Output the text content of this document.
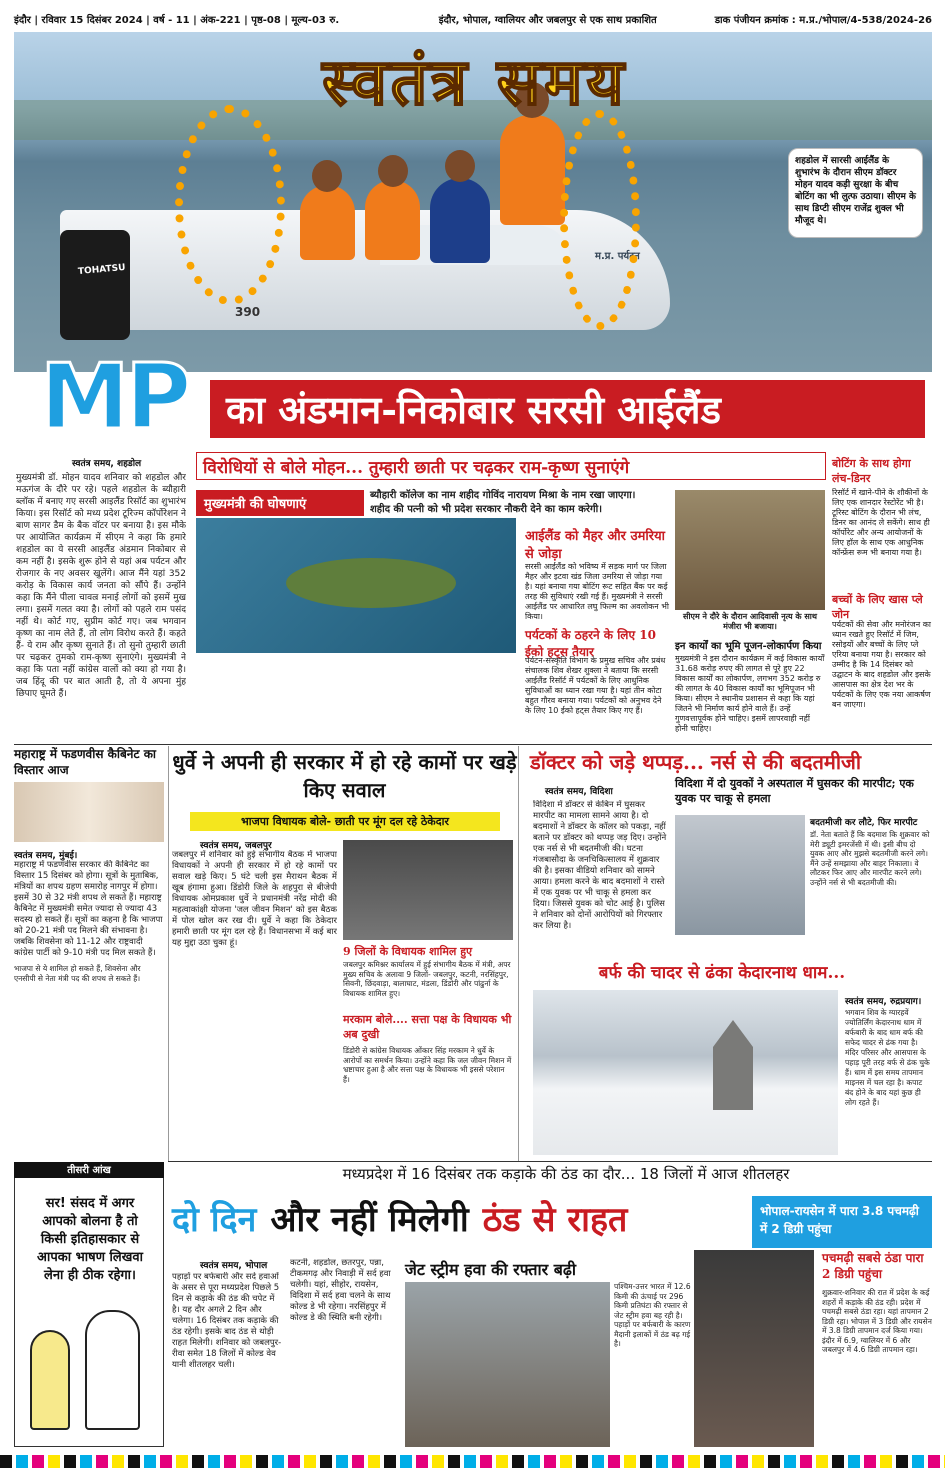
इंदौर | रविवार 15 दिसंबर 2024 | वर्ष - 11 | अंक-221 | पृष्ठ-08 | मूल्य-03 रु.	इंदौर, भोपाल, ग्वालियर और जबलपुर से एक साथ प्रकाशित	डाक पंजीयन क्रमांक : म.प्र./भोपाल/4-538/2024-26
म.प्र. पर्यटन
TOHATSU
390
स्वतंत्र समय
शहडोल में सारसी आईलैंड के शुभारंभ के दौरान सीएम डॉक्टर मोहन यादव कड़ी सुरक्षा के बीच बोटिंग का भी लुत्फ उठाया। सीएम के साथ डिप्टी सीएम राजेंद्र शुक्ल भी मौजूद थे।
MP	का अंडमान-निकोबार सरसी आईलैंड
स्वतंत्र समय, शहडोल
मुख्यमंत्री डॉ. मोहन यादव शनिवार को शहडोल और मऊगंज के दौरे पर रहे। पहले शहडोल के ब्यौहारी ब्लॉक में बनाए गए सरसी आइलैंड रिसॉर्ट का शुभारंभ किया। इस रिसॉर्ट को मध्य प्रदेश टूरिज्म कॉर्पोरेशन ने बाण सागर डैम के बैक वॉटर पर बनाया है। इस मौके पर आयोजित कार्यक्रम में सीएम ने कहा कि हमारे शहडोल का ये सरसी आइलैंड अंडमान निकोबार से कम नहीं है। इसके शुरू होने से यहां अब पर्यटन और रोजगार के नए अवसर खुलेंगे। आज मैंने यहां 352 करोड़ के विकास कार्य जनता को सौंपे हैं। उन्होंने कहा कि मैंने पीला चावल्र मनाई लोगों को इसमें मुख लगा। इसमें गलत क्या है। लोगों को पहले राम पसंद नहीं थे। कोर्ट गए, सुप्रीम कोर्ट गए। जब भगवान कृष्ण का नाम लेते हैं, तो लोग विरोध करते हैं। कहते हैं- ये राम और कृष्ण सुनाते हैं। तो सुनो तुम्हारी छाती पर चढ़कर तुमको राम-कृष्ण सुनाएंगे। मुख्यमंत्री ने कहा कि पता नहीं कांग्रेस वालों को क्या हो गया है। जब हिंदू की पर बात आती है, तो ये अपना मुंह छिपाए घूमते हैं।
विरोधियों से बोले मोहन... तुम्हारी छाती पर चढ़कर राम-कृष्ण सुनाएंगे
मुख्यमंत्री की घोषणाएं
ब्यौहारी कॉलेज का नाम शहीद गोविंद नारायण मिश्रा के नाम रखा जाएगा।
शहीद की पत्नी को भी प्रदेश सरकार नौकरी देने का काम करेगी।
आईलैंड को मैहर और उमरिया से जोड़ा
सरसी आईलैंड को भविष्य में सड़क मार्ग पर जिला मैहर और इटवा खंड जिला उमरिया से जोड़ा गया है। यहां बनाया गया बोटिंग रूट सहित बैंक पर कई तरह की सुविधाएं रखी गई हैं। मुख्यमंत्री ने सरसी आईलैंड पर आधारित लघु फिल्म का अवलोकन भी किया।
पर्यटकों के ठहरने के लिए 10 ईको हट्स तैयार
पर्यटन-संस्कृति विभाग के प्रमुख सचिव और प्रबंध संचालक शिव शेखर शुक्ला ने बताया कि सरसी आईलैंड रिसॉर्ट में पर्यटकों के लिए आधुनिक सुविधाओं का ध्यान रखा गया है। यहां तीन कोटा बहुत गौरव बनाया गया। पर्यटकों को अनुभव देने के लिए 10 ईको हट्स तैयार किए गए हैं।
सीएम ने दौरे के दौरान आदिवासी नृत्य के साथ मंजीरा भी बजाया।
इन कार्यों का भूमि पूजन-लोकार्पण किया
मुख्यमंत्री ने इस दौरान कार्यक्रम में कई विकास कार्यों 31.68 करोड़ रुपए की लागत से पूरे हुए 22 विकास कार्यों का लोकार्पण, लगभग 352 करोड़ रु की लागत के 40 विकास कार्यों का भूमिपूजन भी किया। सीएम ने स्थानीय प्रशासन से कहा कि यहां जितने भी निर्माण कार्य होने वाले हैं। उन्हें गुणवत्तापूर्वक होने चाहिए। इसमें लापरवाही नहीं होनी चाहिए।
बोटिंग के साथ होगा लंच-डिनर
रिसॉर्ट में खाने-पीने के शौकीनों के लिए एक शानदार रेस्टोरेंट भी है। टूरिस्ट बोटिंग के दौरान भी लंच, डिनर का आनंद ले सकेंगे। साथ ही कॉर्पोरेट और अन्य आयोजनों के लिए हॉल के साथ एक आधुनिक कॉन्फ्रेंस रूम भी बनाया गया है।
बच्चों के लिए खास प्ले जोन
पर्यटकों की सेवा और मनोरंजन का ध्यान रखते हुए रिसॉर्ट में जिम, रसोइयों और बच्चों के लिए प्ले एरिया बनाया गया है। सरकार को उम्मीद है कि 14 दिसंबर को उद्घाटन के बाद शहडोल और इसके आसपास का क्षेत्र देश भर के पर्यटकों के लिए एक नया आकर्षण बन जाएगा।
महाराष्ट्र में फडणवीस कैबिनेट का विस्तार आज
स्वतंत्र समय, मुंबई।
महाराष्ट्र में फडणवीस सरकार की कैबिनेट का विस्तार 15 दिसंबर को होगा। सूत्रों के मुताबिक, मंत्रियों का शपथ ग्रहण समारोह नागपुर में होगा। इसमें 30 से 32 मंत्री शपथ ले सकते हैं। महाराष्ट्र कैबिनेट में मुख्यमंत्री समेत ज्यादा से ज्यादा 43 सदस्य हो सकते हैं। सूत्रों का कहना है कि भाजपा को 20-21 मंत्री पद मिलने की संभावना है। जबकि शिवसेना को 11-12 और राष्ट्रवादी कांग्रेस पार्टी को 9-10 मंत्री पद मिल सकते हैं।
भाजपा से ये शामिल हो सकते हैं, शिवसेना और एनसीपी से नेता मंत्री पद की शपथ ले सकते हैं।
तीसरी आंख
सर! संसद में अगर आपको बोलना है तो किसी इतिहासकार से आपका भाषण लिखवा लेना ही ठीक रहेगा।
धुर्वे ने अपनी ही सरकार में हो रहे कामों पर खड़े किए सवाल
भाजपा विधायक बोले- छाती पर मूंग दल रहे ठेकेदार
स्वतंत्र समय, जबलपुर
जबलपुर में शनिवार को हुई संभागीय बैठक में भाजपा विधायकों ने अपनी ही सरकार में हो रहे कामों पर सवाल खड़े किए। 5 घंटे चली इस मैराथन बैठक में खूब हंगामा हुआ। डिंडोरी जिले के शहपुरा से बीजेपी विधायक ओमप्रकाश धुर्वे ने प्रधानमंत्री नरेंद्र मोदी की महत्वाकांक्षी योजना 'जल जीवन मिशन' को इस बैठक में पोल खोल कर रख दी। धुर्वे ने कहा कि ठेकेदार हमारी छाती पर मूंग दल रहे हैं। विधानसभा में कई बार यह मुद्दा उठा चुका हूं।
9 जिलों के विधायक शामिल हुए
जबलपुर कमिश्नर कार्यालय में हुई संभागीय बैठक में मंत्री, अपर मुख्य सचिव के अलावा 9 जिलों- जबलपुर, कटनी, नरसिंहपुर, सिवनी, छिंदवाड़ा, बालाघाट, मंडला, डिंडोरी और पांढुर्ना के विधायक शामिल हुए।
मरकाम बोले.... सत्ता पक्ष के विधायक भी अब दुखी
डिंडोरी से कांग्रेस विधायक ओंकार सिंह मरकाम ने धुर्वे के आरोपों का समर्थन किया। उन्होंने कहा कि जल जीवन मिशन में भ्रष्टाचार हुआ है और सत्ता पक्ष के विधायक भी इससे परेशान हैं।
डॉक्टर को जड़े थप्पड़... नर्स से की बदतमीजी
विदिशा में दो युवकों ने अस्पताल में घुसकर की मारपीट; एक युवक पर चाकू से हमला
स्वतंत्र समय, विदिशा
विदिशा में डॉक्टर से केबिन में घुसकर मारपीट का मामला सामने आया है। दो बदमाशों ने डॉक्टर के कॉलर को पकड़ा, नहीं बताने पर डॉक्टर को थप्पड़ जड़ दिए। उन्होंने एक नर्स से भी बदतमीजी की। घटना गंजबासौदा के जनचिकित्सालय में शुक्रवार की है। इसका वीडियो शनिवार को सामने आया। हमला करने के बाद बदमाशों ने रास्ते में एक युवक पर भी चाकू से हमला कर दिया। जिससे युवक को चोट आई है। पुलिस ने शनिवार को दोनों आरोपियों को गिरफ्तार कर लिया है।
बदतमीजी कर लौटे, फिर मारपीट
डॉ. नेता बताते हैं कि बदमाश कि शुक्रवार को मेरी ड्यूटी इमरजेंसी में थी। इसी बीच दो युवक आए और मुझसे बदतमीजी करने लगे। मैंने उन्हें समझाया और बाहर निकाला। वे लौटकर फिर आए और मारपीट करने लगे। उन्होंने नर्स से भी बदतमीजी की।
बर्फ की चादर से ढंका केदारनाथ धाम...
स्वतंत्र समय, रुद्रप्रयाग।
भगवान शिव के ग्यारहवें ज्योतिर्लिंग केदारनाथ धाम में बर्फबारी के बाद धाम बर्फ की सफेद चादर से ढंक गया है। मंदिर परिसर और आसपास के पहाड़ पूरी तरह बर्फ से ढंक चुके हैं। धाम में इस समय तापमान माइनस में चल रहा है। कपाट बंद होने के बाद यहां कुछ ही लोग रहते हैं।
मध्यप्रदेश में 16 दिसंबर तक कड़ाके की ठंड का दौर... 18 जिलों में आज शीतलहर
दो दिन और नहीं मिलेगी ठंड से राहत	भोपाल-रायसेन में पारा 3.8 पचमढ़ी में 2 डिग्री पहुंचा
स्वतंत्र समय, भोपाल
पहाड़ों पर बर्फबारी और सर्द हवाओं के असर से पूरा मध्यप्रदेश पिछले 5 दिन से कड़ाके की ठंड की चपेट में है। यह दौर अगले 2 दिन और चलेगा। 16 दिसंबर तक कड़ाके की ठंड रहेगी। इसके बाद ठंड से थोड़ी राहत मिलेगी। शनिवार को जबलपुर-रीवा समेत 18 जिलों में कोल्ड वेव यानी शीतलहर चली।
कटनी, शहडोल, छतरपुर, पन्ना, टीकमगढ़ और निवाड़ी में सर्द हवा चलेगी। यहां, सीहोर, रायसेन, विदिशा में सर्द हवा चलने के साथ कोल्ड डे भी रहेगा। नरसिंहपुर में कोल्ड डे की स्थिति बनी रहेगी।
जेट स्ट्रीम हवा की रफ्तार बढ़ी
पश्चिम-उत्तर भारत में 12.6 किमी की ऊंचाई पर 296 किमी प्रतिघंटा की रफ्तार से जेट स्ट्रीम हवा बह रही है। पहाड़ों पर बर्फबारी के कारण मैदानी इलाकों में ठंड बढ़ गई है।
पचमढ़ी सबसे ठंडा पारा 2 डिग्री पहुंचा
शुक्रवार-शनिवार की रात में प्रदेश के कई शहरों में कड़ाके की ठंड रही। प्रदेश में पचमढ़ी सबसे ठंडा रहा। यहां तापमान 2 डिग्री रहा। भोपाल में 3 डिग्री और रायसेन में 3.8 डिग्री तापमान दर्ज किया गया। इंदौर में 6.9, ग्वालियर में 6 और जबलपुर में 4.6 डिग्री तापमान रहा।
